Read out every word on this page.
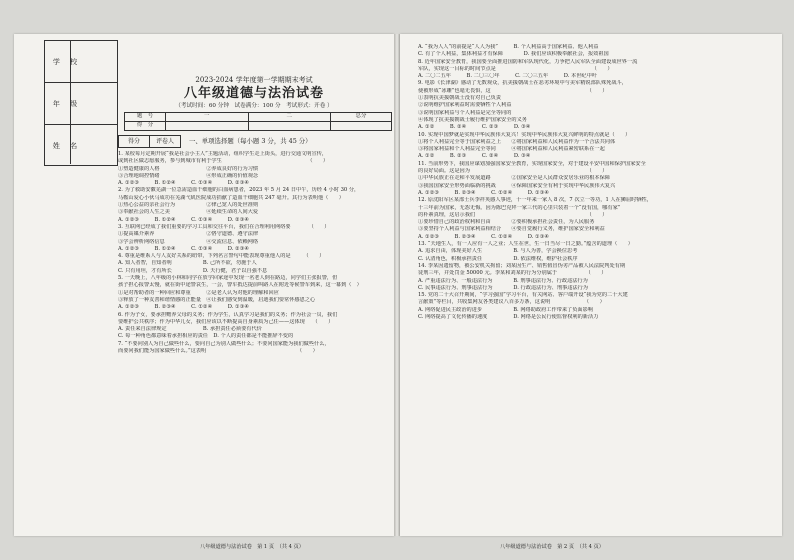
学 校
年 级
姓 名
2023-2024 学年度第一学期期末考试
八年级道德与法治试卷
（考试时间：60 分钟　试卷满分：100 分　考试形式：开卷 ）
题　号	一	二	总分
得　分			
得分	评卷人	一、单项选择题（每小题 3 分，共 45 分）
1. 某校每月定期开展“我是社会小主人”主题活动，组织学生走上街头，进行交通文明宣传，
或到社区做志愿服务，参与到城市有利于学生　　　　　　　　　　　　　　　　　（　　）
①塑造健康的人格　　　　　　　　　②养成良好的行为习惯
③合理地调控情绪　　　　　　　　　④形成正确的价值观念
A. ①②③　　　B. ①②④　　　C. ①③④　　　D. ②③④
2. 为了救助安徽芜湖一位急需造血干细胞的白血病患者，2023 年 5 月 24 日中午，历经 4 小时 30 分，
马鞍山爱心小伙马成功在芜湖弋矶医院成功捐献了造血干细胞共 247 毫升。其行为表明他（　　）
①热心公益的亲社会行为　　　　　　②律己宽人的处世准则
③奉献社会的人生之美　　　　　　　④延续生命的人间大爱
A. ①②③　　　B. ①②④　　　C. ①③④　　　D. ②③④
3. 互联网已经成了我们重要的学习工具和交往平台，我们在合理利用网络要　　　　（　　）
①提高媒介素养　　　　　　　　　　②恪守道德、遵守法律
③学会辨析网络信息　　　　　　　　④交流信息、依赖网络
A. ①②③　　　B. ①②④　　　C. ①③④　　　D. ②③④
4. 尊重是维系人与人友好关系的纽带，下列名言警句中能表现尊重他人的是　　　（　　）
A. 知人者智，自知者明　　　　　　B. 己所不欲，勿施于人
C. 只有用坦，才有所长　　　　　　D. 天行健，君子以自强不息
5. 一天晚上，八年级的小林和同学在放学回家途中发现一名老人倒在路边，同学们主张报警，但
孩子担心报警太慢，就在街中途警哀生，一会，警车抵达提前叫路人在附近等候警车到来，这一幕到（　）
①是对帮助者的一种回应和尊重　　　②是老人认为对他的理解和回应
③释放了一种友善和谐情感的正能量　④让我们感受到温暖，启迪我们要常怀感恩之心
A. ①②③　　　B. ②③④　　　C. ①②④　　　D. ①③④
6. 作为子女，要承担赡养父母的义务；作为学生，认真学习是我们的义务；作为社会一员，我们
要维护公共秩序；作为中华儿女，我们应该以不断提高自身素质为己任——这体现　　（　　）
A. 责任来自法律规定　　　　　　　B. 承担责任必须要有代价
C. 每一种角色都意味着承担相应的责任　D. 个人的责任都是不能推辞不变的
7. “不要问别人为自己做些什么，要问自己为别人做些什么；不要问国家能为我们做些什么，
而要问我们能为国家做些什么。”这表明　　　　　　　　　　　　　　　　　　（　　）
A. “我为人人”的前提是“人人为我”　　　B. 个人利益高于国家利益、他人利益
C. 有了个人利益，集体利益才有保障　　　　D. 我们应该积极奉献社会，报效祖国
8. 近年国家安全教育，我国要全面推进国防和军队现代化，力争把人民军队全面建设成世界一流
军队，实现这一目标的时间节点是　　　　　　　　　　　　　　　　　　　（　　）
A. 二〇二五年　　　B. 二〇三〇年　　　C. 二〇三五年　　　D. 本世纪中叶
9. 电影《长津湖》感动了无数观众，抗美援朝战士在恶劣环境中与美军精锐部队殊死战斗，
使被形成“冰雕”也毫无畏惧，这　　　　　　　　　　　　　　　　　　　（　　）
①表明抗美援朝战士没有对自己负责
②说明维护国家利益时需要牺牲个人利益
③说明国家利益与个人利益是完全等同的
④体现了抗美援朝战士履行维护国家安全的义务
A. ①②　　　B. ②④　　　C. ②③　　　D. ③④
10. 实现中国梦就是实现中华民族伟大复兴！实现中华民族伟大复兴鲜明的特点就是（　　）
①将个人利益完全等于国家利益之上　　②将国家利益和人民利益作为一个合法共同体
③将国家利益和个人利益完全等同　　　④将国家利益和人民利益紧密联系在一起
A. ①②　　　B. ②③　　　C. ②④　　　D. ③④
11. 当前形势下，我国应谋划加强国家安全教育，实现国家安全，对于建设平安中国和保护国家安全
的良好局面。这是因为　　　　　　　　　　　　　　　　　　　　　　　（　　）
①中华民族正在走和平发展道路　　　　②国家安全是人民群众安居乐业的根本保障
③我国国家安全形势面临新的挑战　　　④保障国家安全有利于实现中华民族伟大复兴
A. ①②③　　　B. ②③④　　　C. ①②④　　　D. ①③④
12. 原沈阳军区某部士兵李祥英感人事迹，十一年来一家人 8 次，7 次立一等功，1 人在狮屈时牺牲，
十三年前为国家，无怨无悔。因为陈巴克拜一家三代的心里只装着一个“没有国，哪有家”
的朴素真理，这启示我们　　　　　　　　　　　　　　　　　　　　　　（　　）
①要珍惜自己的政治权利和自由　　　　②要积极承担社会责任，为人民服务
③要坚持个人利益与国家利益相结合　　④要自觉履行义务，维护国家安全和利益
A. ①②③　　　B. ②③④　　　C. ①②④　　　D. ①③④
13. “天地生人，有一人应有一人之业；人生在世，生一日当尽一日之勤。”蕴含的道理（　　）
A. 追求自由，体现美好人生　　　　　　B. 与人为善，学会换位思考
C. 认清角色，积极承担责任　　　　　　D. 依法维权，维护社会秩序
14. 李某因遗留物，被公安机关拘留；刘某因生产、销售假冒伪劣产品被人民法院判处有期
徒刑三年，并处罚金 50000 元。李某和刘某的行为分别属于　　　　　　（　　）
A. 严重违法行为、一般违法行为　　　　B. 刑事违法行为、行政违法行为
C. 民事违法行为、刑事违法行为　　　　D. 行政违法行为、刑事违法行为
15. 党的二十大召开期间，“学习强国”学习平台，有关网站、客户端开设“我为党的二十大建
言献策”等栏目，共收集网友各类建议八百多万条，这说明　　　　　　　（　　）
A. 网络促进民主政治的进步　　　　　　B. 网络助政府工作带来了负面影响
C. 网络提高了文化传播的速度　　　　　D. 网络是公民行使监督权利的新活力
八年级道德与法治试卷　第 1 页　（共 4 页）	八年级道德与法治试卷　第 2 页　（共 4 页）
